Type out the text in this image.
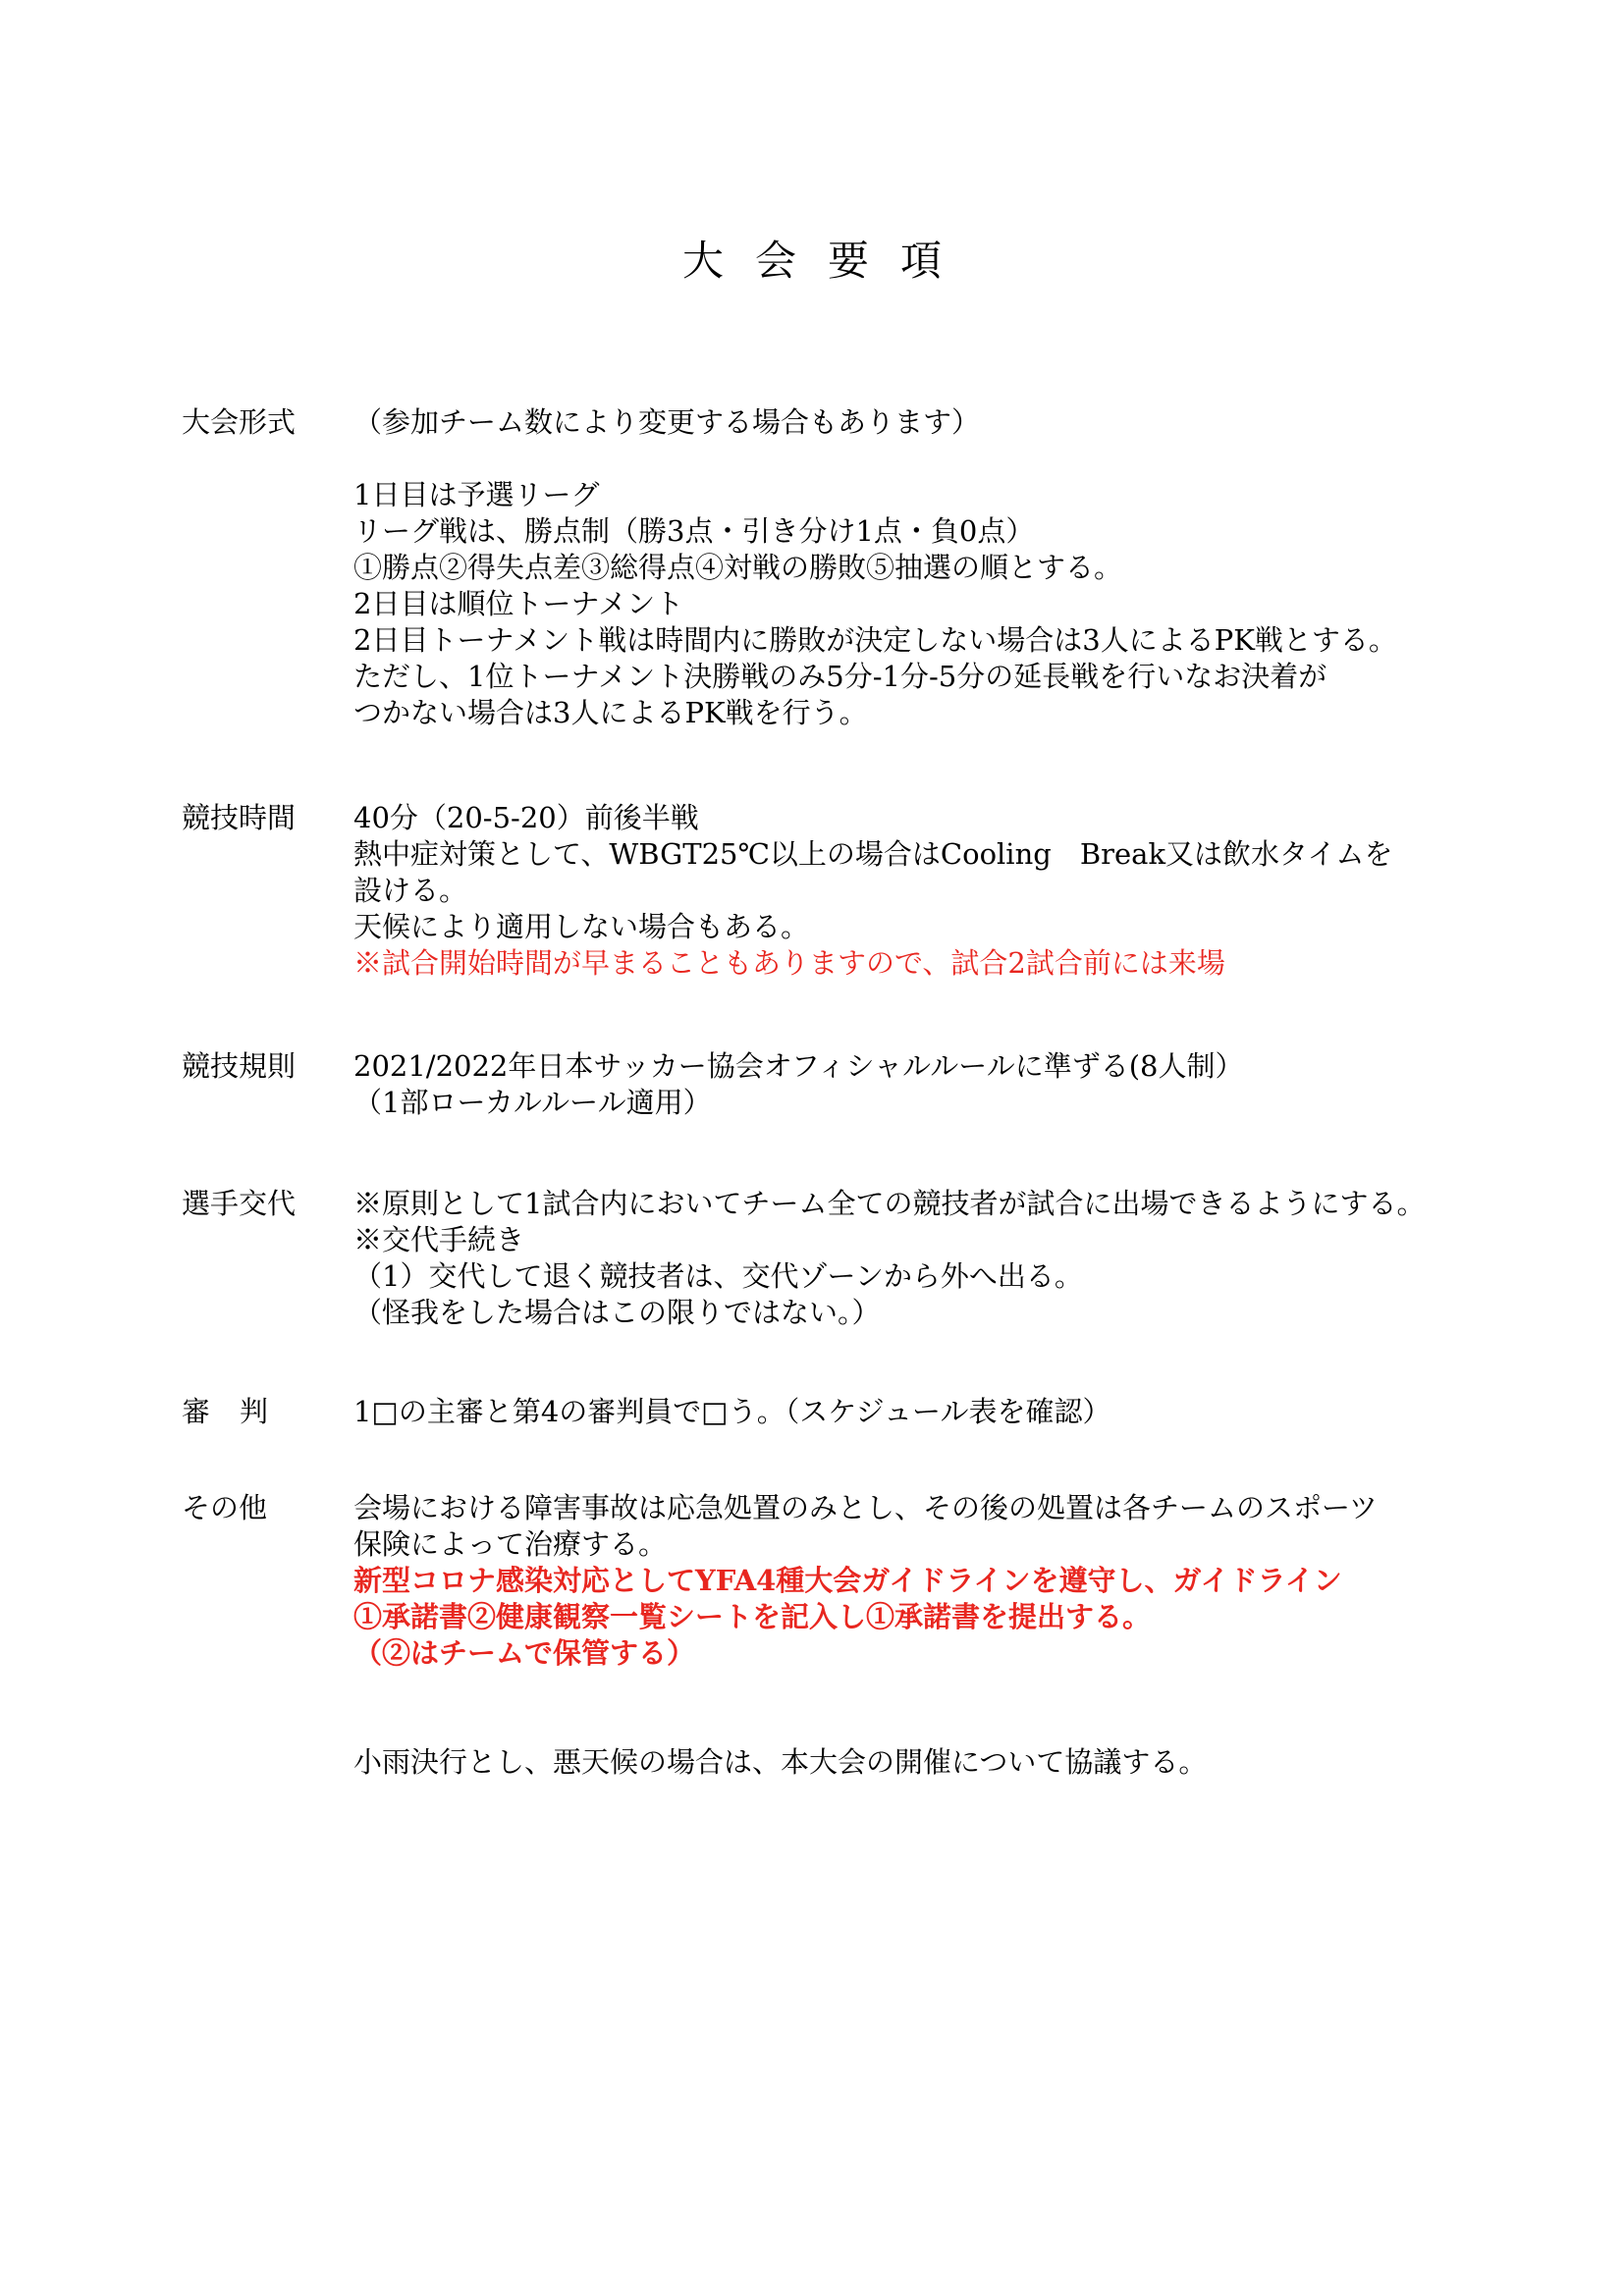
大会要項
大会形式	（参加チーム数により変更する場合もあります）
1日目は予選リーグ
リーグ戦は、勝点制（勝3点・引き分け1点・負0点）
①勝点②得失点差③総得点④対戦の勝敗⑤抽選の順とする。
2日目は順位トーナメント
2日目トーナメント戦は時間内に勝敗が決定しない場合は3人によるPK戦とする。
ただし、1位トーナメント決勝戦のみ5分-1分-5分の延長戦を行いなお決着が
つかない場合は3人によるPK戦を行う。
競技時間	40分（20-5-20）前後半戦
熱中症対策として、WBGT25℃以上の場合はCooling　Break又は飲水タイムを
設ける。
天候により適用しない場合もある。
※試合開始時間が早まることもありますので、試合2試合前には来場
競技規則	2021/2022年日本サッカー協会オフィシャルルールに準ずる(8人制）
（1部ローカルルール適用）
選手交代	※原則として1試合内においてチーム全ての競技者が試合に出場できるようにする。
※交代手続き
（1）交代して退く競技者は、交代ゾーンから外へ出る。
（怪我をした場合はこの限りではない。）
審判	1□の主審と第4の審判員で□う。（スケジュール表を確認）
その他	会場における障害事故は応急処置のみとし、その後の処置は各チームのスポーツ
保険によって治療する。
新型コロナ感染対応としてYFA4種大会ガイドラインを遵守し、ガイドライン
①承諾書②健康観察一覧シートを記入し①承諾書を提出する。
（②はチームで保管する）
小雨決行とし、悪天候の場合は、本大会の開催について協議する。
